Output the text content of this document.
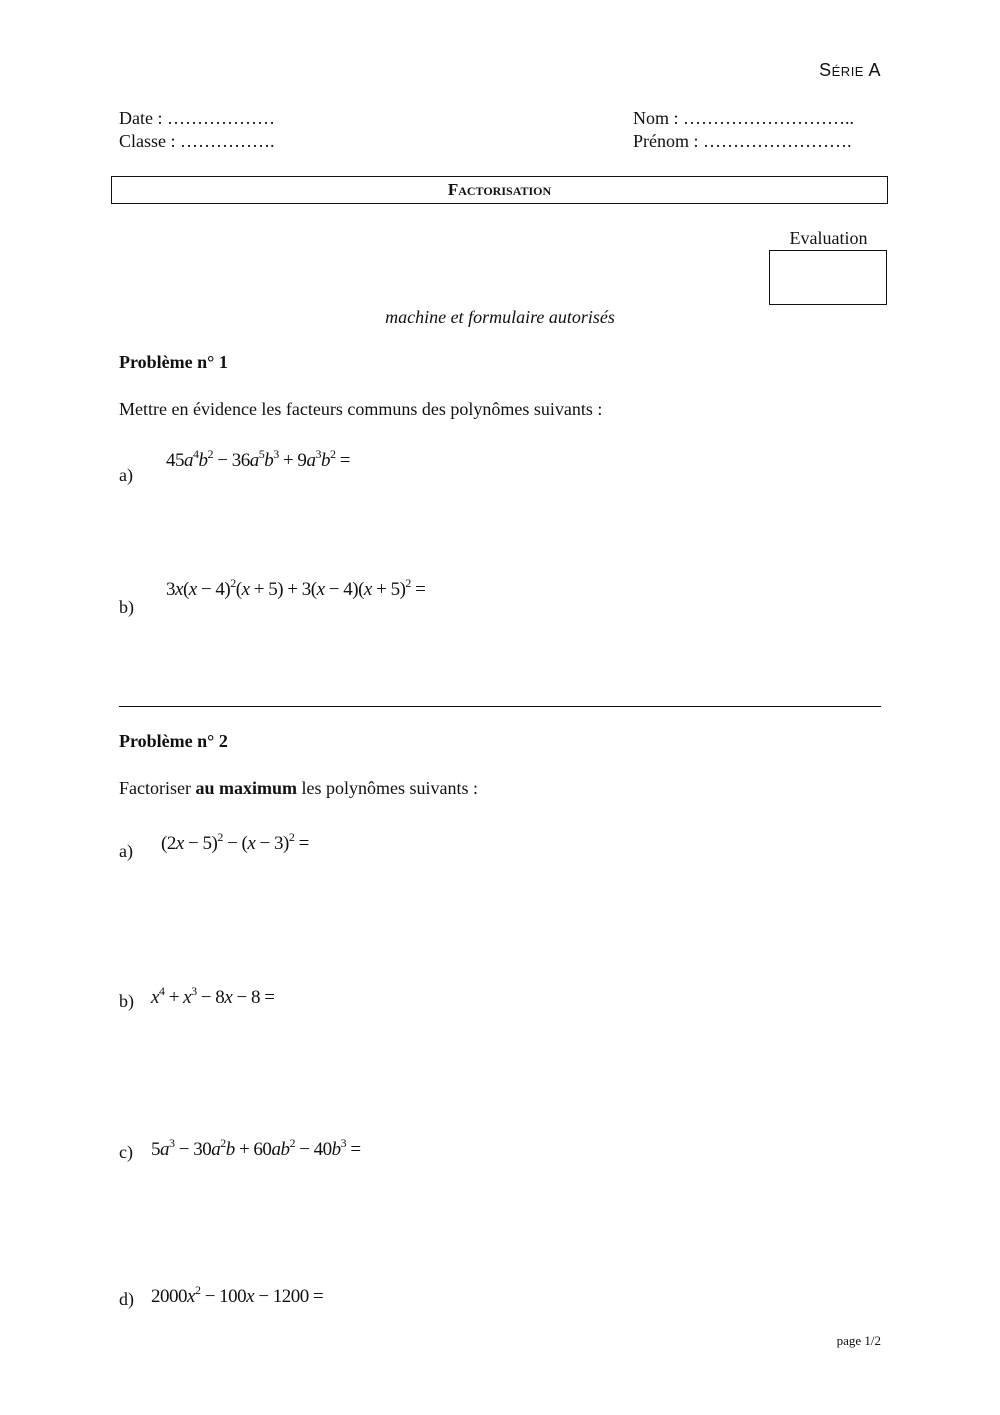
Série A
Date : ………………
Classe : …………….
Nom : ………………………..
Prénom : …………………….
Factorisation
Evaluation
machine et formulaire autorisés
Problème n° 1
Mettre en évidence les facteurs communs des polynômes suivants :
a)
$45a^4b^2 - 36a^5b^3 + 9a^3b^2$ =
b)
$3x(x - 4)^2(x + 5) + 3(x - 4)(x + 5)^2$ =
Problème n° 2
Factoriser au maximum les polynômes suivants :
a) $(2x - 5)^2 - (x - 3)^2$ =
b) $x^4 + x^3 - 8x - 8$ =
c) $5a^3 - 30a^2b + 60ab^2 - 40b^3$ =
d) $2000x^2 - 100x - 1200$ =
page 1/2
